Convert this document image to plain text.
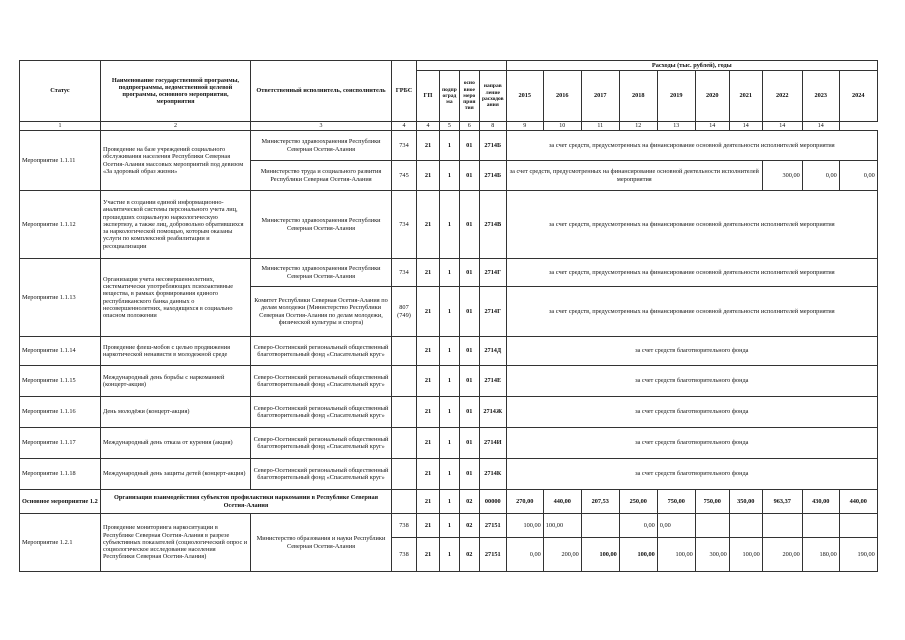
Статус	Наименование государственной программы, подпрограммы, ведомственной целевой программы, основного мероприятия, мероприятия	Ответственный исполнитель, соисполнитель	ГРБС					Расходы (тыс. рублей), годы									
				ГП	подпр оград ма	осно вное меро прия тия	направ ление расходов ания	2015	2016	2017	2018	2019	2020	2021	2022	2023	2024
1	2	3	4	4	5	6	8	9	10	11	12	13	14	14	14	14	
Мероприятие 1.1.11	Проведение на базе учреждений социального обслуживания населения Республики Северная Осетия-Алания массовых мероприятий под девизом «За здоровый образ жизни»	Министерство здравоохранения Республики Северная Осетия-Алания	734	21	1	01	2714Б	за счет средств, предусмотренных на финансирование основной деятельности исполнителей мероприятия									
		Министерство труда и социального развития Республики Северная Осетия-Алания	745	21	1	01	2714Б	за счет средств, предусмотренных на финансирование основной деятельности исполнителей мероприятия							300,00	0,00	0,00
Мероприятие 1.1.12	Участие в создании единой информационно-аналитической системы персонального учета лиц, прошедших социальную наркологическую экспертизу, а также лиц, добровольно обратившихся за наркологической помощью, которым оказаны услуги по комплексной реабилитации и ресоциализации	Министерство здравоохранения Республики Северная Осетия-Алания	734	21	1	01	2714В	за счет средств, предусмотренных на финансирование основной деятельности исполнителей мероприятия									
Мероприятие 1.1.13	Организация учета несовершеннолетних, систематически употребляющих психоактивные вещества, в рамках формирования единого республиканского банка данных о несовершеннолетних, находящихся в социально опасном положении	Министерство здравоохранения Республики Северная Осетия-Алания	734	21	1	01	2714Г	за счет средств, предусмотренных на финансирование основной деятельности исполнителей мероприятия									
		Комитет Республики Северная Осетия-Алания по делам молодежи (Министерство Республики Северная Осетия-Алания по делам молодежи, физической культуры и спорта)	807 (749)	21	1	01	2714Г	за счет средств, предусмотренных на финансирование основной деятельности исполнителей мероприятия									
Мероприятие 1.1.14	Проведение флеш-мобов с целью продвижения наркотической ненависти в молодежной среде	Северо-Осетинский региональный общественный благотворительный фонд «Спасательный круг»		21	1	01	2714Д	за счет средств благотворительного фонда									
Мероприятие 1.1.15	Международный день борьбы с наркоманией (концерт-акция)	Северо-Осетинский региональный общественный благотворительный фонд «Спасательный круг»		21	1	01	2714Е	за счет средств благотворительного фонда									
Мероприятие 1.1.16	День молодёжи (концерт-акция)	Северо-Осетинский региональный общественный благотворительный фонд «Спасательный круг»		21	1	01	2714Ж	за счет средств благотворительного фонда									
Мероприятие 1.1.17	Международный день отказа от курения (акция)	Северо-Осетинский региональный общественный благотворительный фонд «Спасательный круг»		21	1	01	2714И	за счет средств благотворительного фонда									
Мероприятие 1.1.18	Международный день защиты детей (концерт-акция)	Северо-Осетинский региональный общественный благотворительный фонд «Спасательный круг»		21	1	01	2714К	за счет средств благотворительного фонда									
Основное мероприятие 1.2	Организация взаимодействия субъектов профилактики наркомании в Республике Северная Осетия-Алания			21	1	02	00000	270,00	440,00	207,53	250,00	750,00	750,00	350,00	963,37	430,00	440,00
Мероприятие 1.2.1	Проведение мониторинга наркоситуации в Республике Северная Осетия-Алания в разрезе субъективных показателей (социологический опрос и социологическое исследование населения Республики Северная Осетия-Алания)	Министерство образования и науки Республики Северная Осетия-Алания	738	21	1	02	27151	100,00	100,00		0,00	0,00					
			738	21	1	02	27151	0,00	200,00	100,00	100,00	100,00	300,00	100,00	200,00	180,00	190,00
